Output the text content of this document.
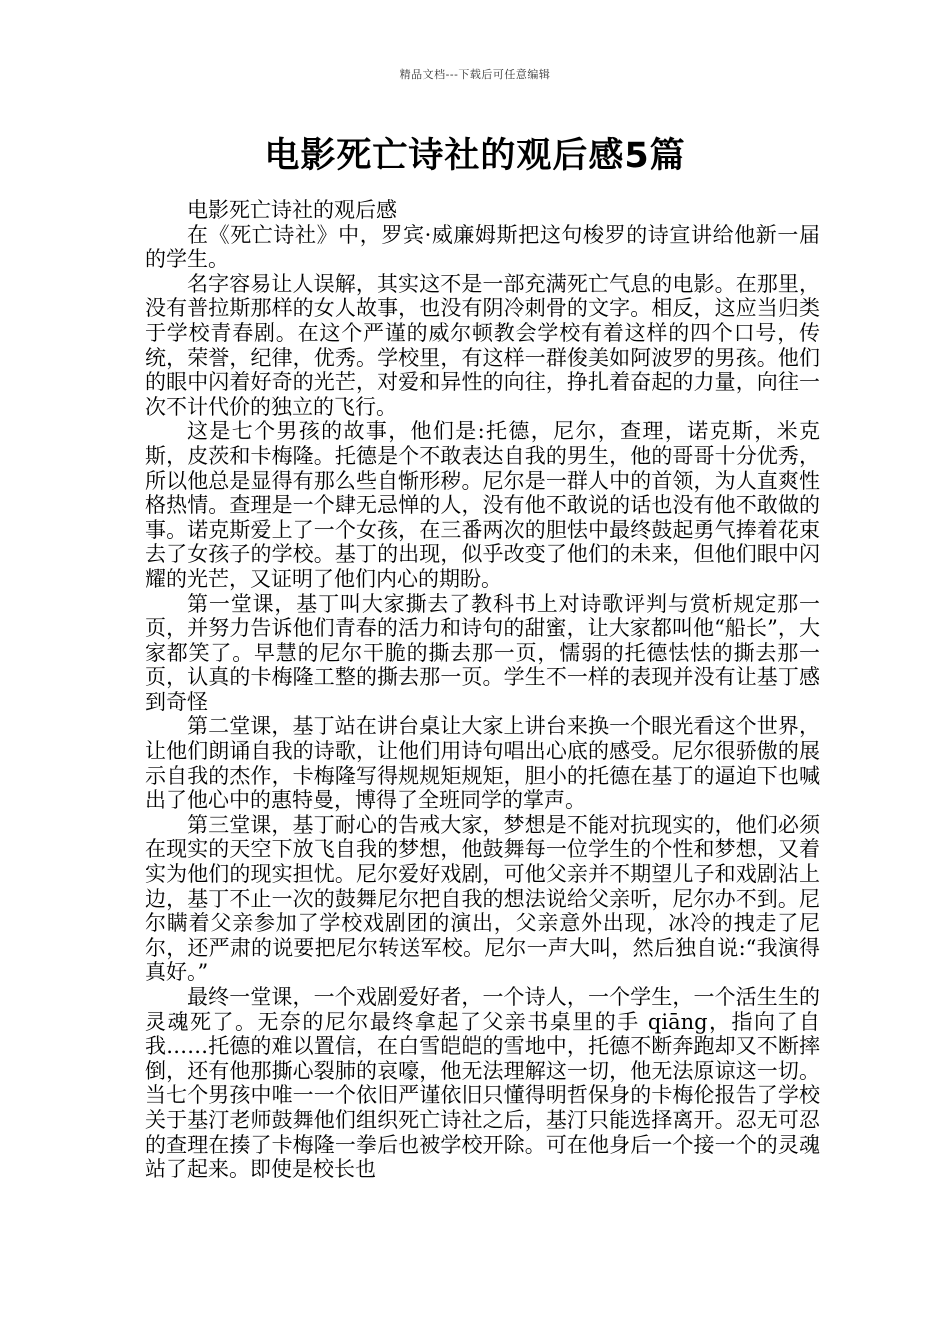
精品文档---下载后可任意编辑
电影死亡诗社的观后感5篇

电影死亡诗社的观后感

在《死亡诗社》中，罗宾·威廉姆斯把这句梭罗的诗宣讲给他新一届的学生。

名字容易让人误解，其实这不是一部充满死亡气息的电影。在那里，没有普拉斯那样的女人故事，也没有阴冷刺骨的文字。相反，这应当归类于学校青春剧。在这个严谨的威尔顿教会学校有着这样的四个口号，传统，荣誉，纪律，优秀。学校里，有这样一群俊美如阿波罗的男孩。他们的眼中闪着好奇的光芒，对爱和异性的向往，挣扎着奋起的力量，向往一次不计代价的独立的飞行。

这是七个男孩的故事，他们是:托德，尼尔，查理，诺克斯，米克斯，皮茨和卡梅隆。托德是个不敢表达自我的男生，他的哥哥十分优秀，所以他总是显得有那么些自惭形秽。尼尔是一群人中的首领，为人直爽性格热情。查理是一个肆无忌惮的人，没有他不敢说的话也没有他不敢做的事。诺克斯爱上了一个女孩，在三番两次的胆怯中最终鼓起勇气捧着花束去了女孩子的学校。基丁的出现，似乎改变了他们的未来，但他们眼中闪耀的光芒，又证明了他们内心的期盼。

第一堂课，基丁叫大家撕去了教科书上对诗歌评判与赏析规定那一页，并努力告诉他们青春的活力和诗句的甜蜜，让大家都叫他“船长”，大家都笑了。早慧的尼尔干脆的撕去那一页，懦弱的托德怯怯的撕去那一页，认真的卡梅隆工整的撕去那一页。学生不一样的表现并没有让基丁感到奇怪

第二堂课，基丁站在讲台桌让大家上讲台来换一个眼光看这个世界，让他们朗诵自我的诗歌，让他们用诗句唱出心底的感受。尼尔很骄傲的展示自我的杰作，卡梅隆写得规规矩规矩，胆小的托德在基丁的逼迫下也喊出了他心中的惠特曼，博得了全班同学的掌声。

第三堂课，基丁耐心的告戒大家，梦想是不能对抗现实的，他们必须在现实的天空下放飞自我的梦想，他鼓舞每一位学生的个性和梦想，又着实为他们的现实担忧。尼尔爱好戏剧，可他父亲并不期望儿子和戏剧沾上边，基丁不止一次的鼓舞尼尔把自我的想法说给父亲听，尼尔办不到。尼尔瞒着父亲参加了学校戏剧团的演出，父亲意外出现，冰冷的拽走了尼尔，还严肃的说要把尼尔转送军校。尼尔一声大叫，然后独自说:“我演得真好。”

最终一堂课，一个戏剧爱好者，一个诗人，一个学生，一个活生生的灵魂死了。无奈的尼尔最终拿起了父亲书桌里的手 qiāng，指向了自我……托德的难以置信，在白雪皑皑的雪地中，托德不断奔跑却又不断摔倒，还有他那撕心裂肺的哀嚎，他无法理解这一切，他无法原谅这一切。当七个男孩中唯一一个依旧严谨依旧只懂得明哲保身的卡梅伦报告了学校关于基汀老师鼓舞他们组织死亡诗社之后，基汀只能选择离开。忍无可忍的查理在揍了卡梅隆一拳后也被学校开除。可在他身后一个接一个的灵魂站了起来。即使是校长也
